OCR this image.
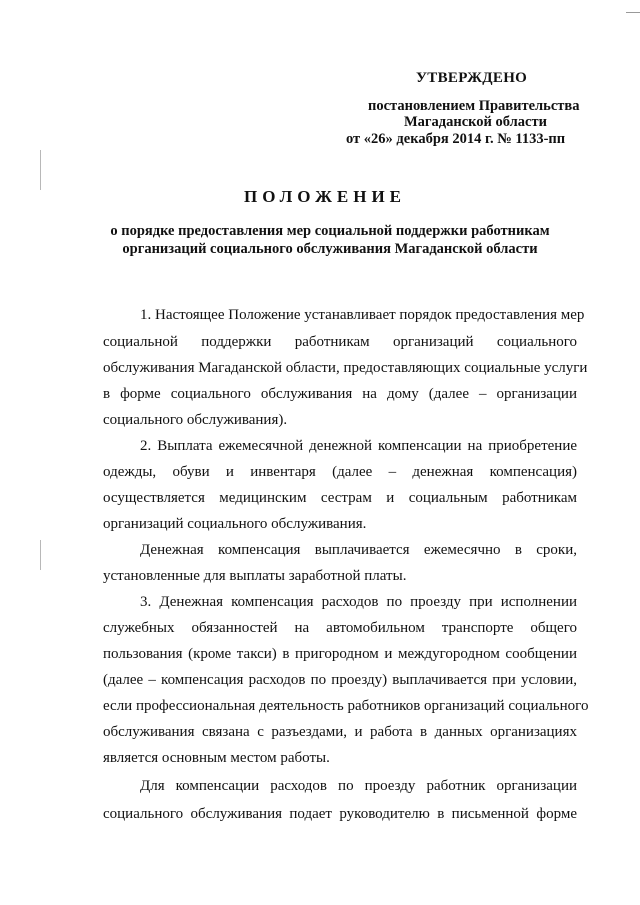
УТВЕРЖДЕНО
постановлением Правительства
Магаданской области
от «26» декабря 2014 г. № 1133-пп
ПОЛОЖЕНИЕ
о порядке предоставления мер социальной поддержки работникам
организаций социального обслуживания Магаданской области
1. Настоящее Положение устанавливает порядок предоставления мер
социальной поддержки работникам организаций социального
обслуживания Магаданской области, предоставляющих социальные услуги
в форме социального обслуживания на дому (далее – организации
социального обслуживания).
2. Выплата ежемесячной денежной компенсации на приобретение
одежды, обуви и инвентаря (далее – денежная компенсация)
осуществляется медицинским сестрам и социальным работникам
организаций социального обслуживания.
Денежная компенсация выплачивается ежемесячно в сроки,
установленные для выплаты заработной платы.
3. Денежная компенсация расходов по проезду при исполнении
служебных обязанностей на автомобильном транспорте общего
пользования (кроме такси) в пригородном и междугородном сообщении
(далее – компенсация расходов по проезду) выплачивается при условии,
если профессиональная деятельность работников организаций социального
обслуживания связана с разъездами, и работа в данных организациях
является основным местом работы.
Для компенсации расходов по проезду работник организации
социального обслуживания подает руководителю в письменной форме
